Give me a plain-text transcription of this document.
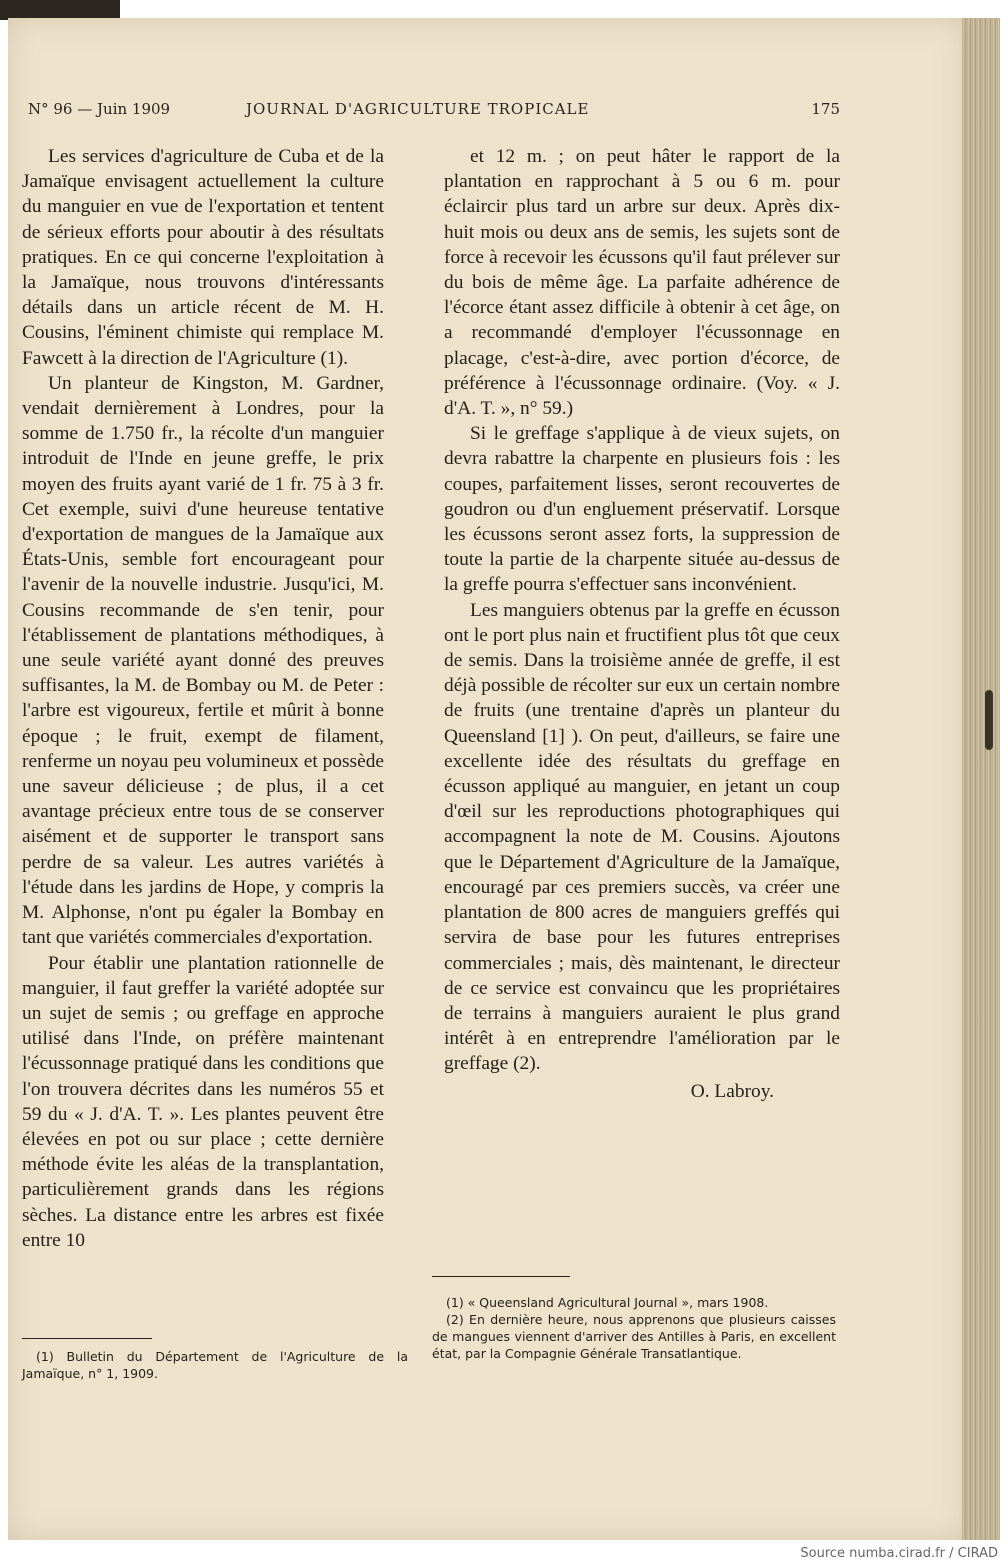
N° 96 — Juin 1909	JOURNAL D'AGRICULTURE TROPICALE	175

Les services d'agriculture de Cuba et de la Jamaïque envisagent actuellement la culture du manguier en vue de l'exportation et tentent de sérieux efforts pour aboutir à des résultats pratiques. En ce qui concerne l'exploitation à la Jamaïque, nous trouvons d'intéressants détails dans un article récent de M. H. Cousins, l'éminent chimiste qui remplace M. Fawcett à la direction de l'Agriculture (1).

Un planteur de Kingston, M. Gardner, vendait dernièrement à Londres, pour la somme de 1.750 fr., la récolte d'un manguier introduit de l'Inde en jeune greffe, le prix moyen des fruits ayant varié de 1 fr. 75 à 3 fr. Cet exemple, suivi d'une heureuse tentative d'exportation de mangues de la Jamaïque aux États-Unis, semble fort encourageant pour l'avenir de la nouvelle industrie. Jusqu'ici, M. Cousins recommande de s'en tenir, pour l'établissement de plantations méthodiques, à une seule variété ayant donné des preuves suffisantes, la M. de Bombay ou M. de Peter : l'arbre est vigoureux, fertile et mûrit à bonne époque ; le fruit, exempt de filament, renferme un noyau peu volumineux et possède une saveur délicieuse ; de plus, il a cet avantage précieux entre tous de se conserver aisément et de supporter le transport sans perdre de sa valeur. Les autres variétés à l'étude dans les jardins de Hope, y compris la M. Alphonse, n'ont pu égaler la Bombay en tant que variétés commerciales d'exportation.

Pour établir une plantation rationnelle de manguier, il faut greffer la variété adoptée sur un sujet de semis ; ou greffage en approche utilisé dans l'Inde, on préfère maintenant l'écussonnage pratiqué dans les conditions que l'on trouvera décrites dans les numéros 55 et 59 du « J. d'A. T. ». Les plantes peuvent être élevées en pot ou sur place ; cette dernière méthode évite les aléas de la transplantation, particulièrement grands dans les régions sèches. La distance entre les arbres est fixée entre 10

(1) Bulletin du Département de l'Agriculture de la Jamaïque, n° 1, 1909.

et 12 m. ; on peut hâter le rapport de la plantation en rapprochant à 5 ou 6 m. pour éclaircir plus tard un arbre sur deux. Après dix-huit mois ou deux ans de semis, les sujets sont de force à recevoir les écussons qu'il faut prélever sur du bois de même âge. La parfaite adhérence de l'écorce étant assez difficile à obtenir à cet âge, on a recommandé d'employer l'écussonnage en placage, c'est-à-dire, avec portion d'écorce, de préférence à l'écussonnage ordinaire. (Voy. « J. d'A. T. », n° 59.)

Si le greffage s'applique à de vieux sujets, on devra rabattre la charpente en plusieurs fois : les coupes, parfaitement lisses, seront recouvertes de goudron ou d'un engluement préservatif. Lorsque les écussons seront assez forts, la suppression de toute la partie de la charpente située au-dessus de la greffe pourra s'effectuer sans inconvénient.

Les manguiers obtenus par la greffe en écusson ont le port plus nain et fructifient plus tôt que ceux de semis. Dans la troisième année de greffe, il est déjà possible de récolter sur eux un certain nombre de fruits (une trentaine d'après un planteur du Queensland [1] ). On peut, d'ailleurs, se faire une excellente idée des résultats du greffage en écusson appliqué au manguier, en jetant un coup d'œil sur les reproductions photographiques qui accompagnent la note de M. Cousins. Ajoutons que le Département d'Agriculture de la Jamaïque, encouragé par ces premiers succès, va créer une plantation de 800 acres de manguiers greffés qui servira de base pour les futures entreprises commerciales ; mais, dès maintenant, le directeur de ce service est convaincu que les propriétaires de terrains à manguiers auraient le plus grand intérêt à en entreprendre l'amélioration par le greffage (2).

O. Labroy.

(1) « Queensland Agricultural Journal », mars 1908.

(2) En dernière heure, nous apprenons que plusieurs caisses de mangues viennent d'arriver des Antilles à Paris, en excellent état, par la Compagnie Générale Transatlantique.

Source numba.cirad.fr / CIRAD
